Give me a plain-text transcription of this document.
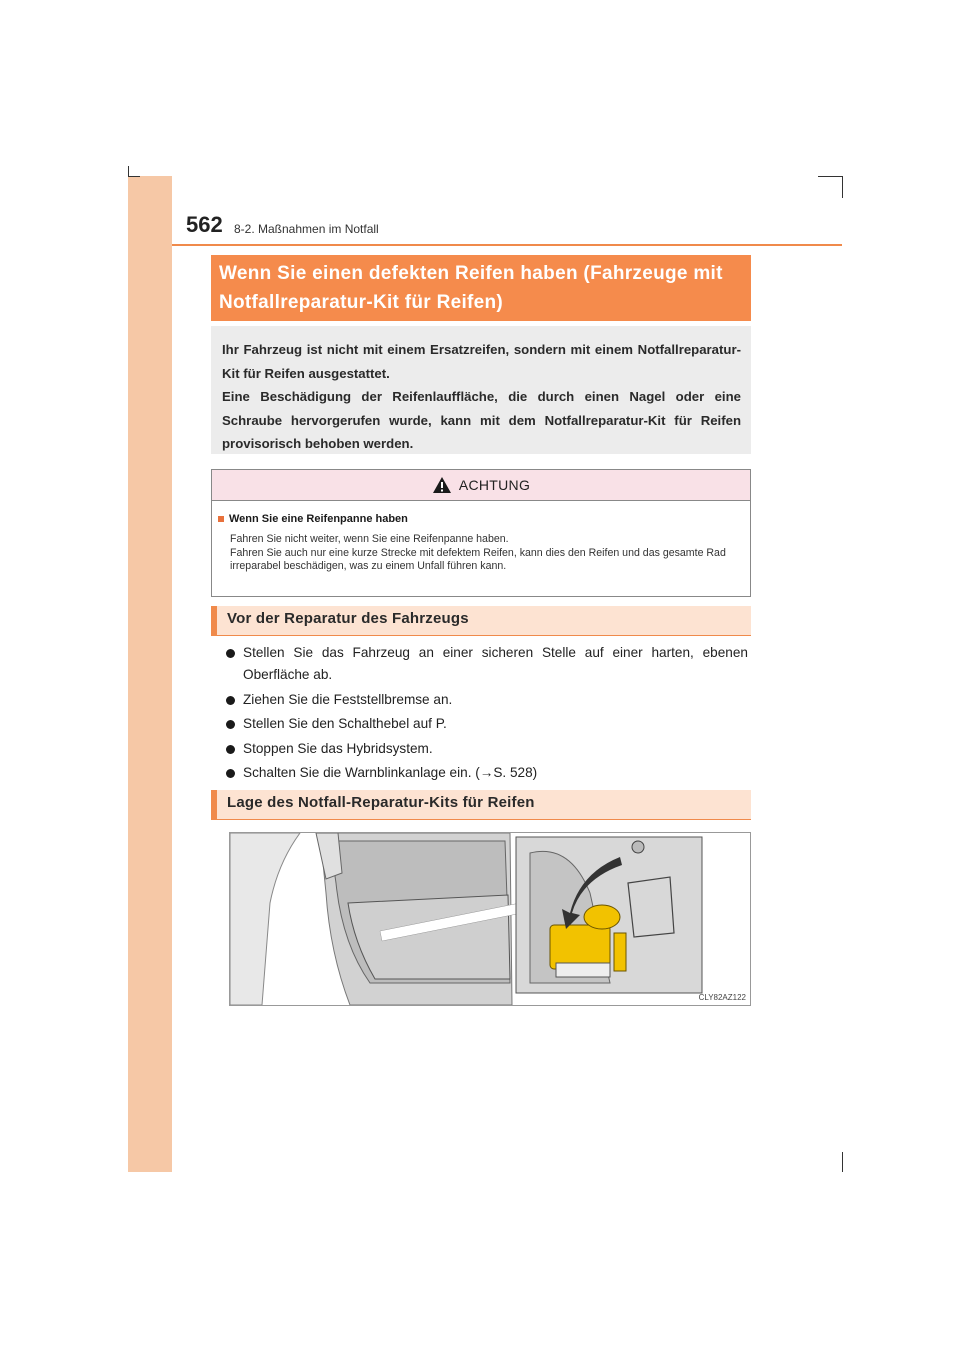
562 8-2. Maßnahmen im Notfall
Wenn Sie einen defekten Reifen haben (Fahrzeuge mit
Notfallreparatur-Kit für Reifen)

Ihr Fahrzeug ist nicht mit einem Ersatzreifen, sondern mit einem Notfallreparatur-Kit für Reifen ausgestattet.

Eine Beschädigung der Reifenlauffläche, die durch einen Nagel oder eine Schraube hervorgerufen wurde, kann mit dem Notfallreparatur-Kit für Reifen provisorisch behoben werden.

ACHTUNG
Wenn Sie eine Reifenpanne haben
Fahren Sie nicht weiter, wenn Sie eine Reifenpanne haben.
Fahren Sie auch nur eine kurze Strecke mit defektem Reifen, kann dies den Reifen und das gesamte Rad irreparabel beschädigen, was zu einem Unfall führen kann.
Vor der Reparatur des Fahrzeugs
Stellen Sie das Fahrzeug an einer sicheren Stelle auf einer harten, ebenen Oberfläche ab.
Ziehen Sie die Feststellbremse an.
Stellen Sie den Schalthebel auf P.
Stoppen Sie das Hybridsystem.
Schalten Sie die Warnblinkanlage ein. (→S. 528)
Lage des Notfall-Reparatur-Kits für Reifen
CLY82AZ122
